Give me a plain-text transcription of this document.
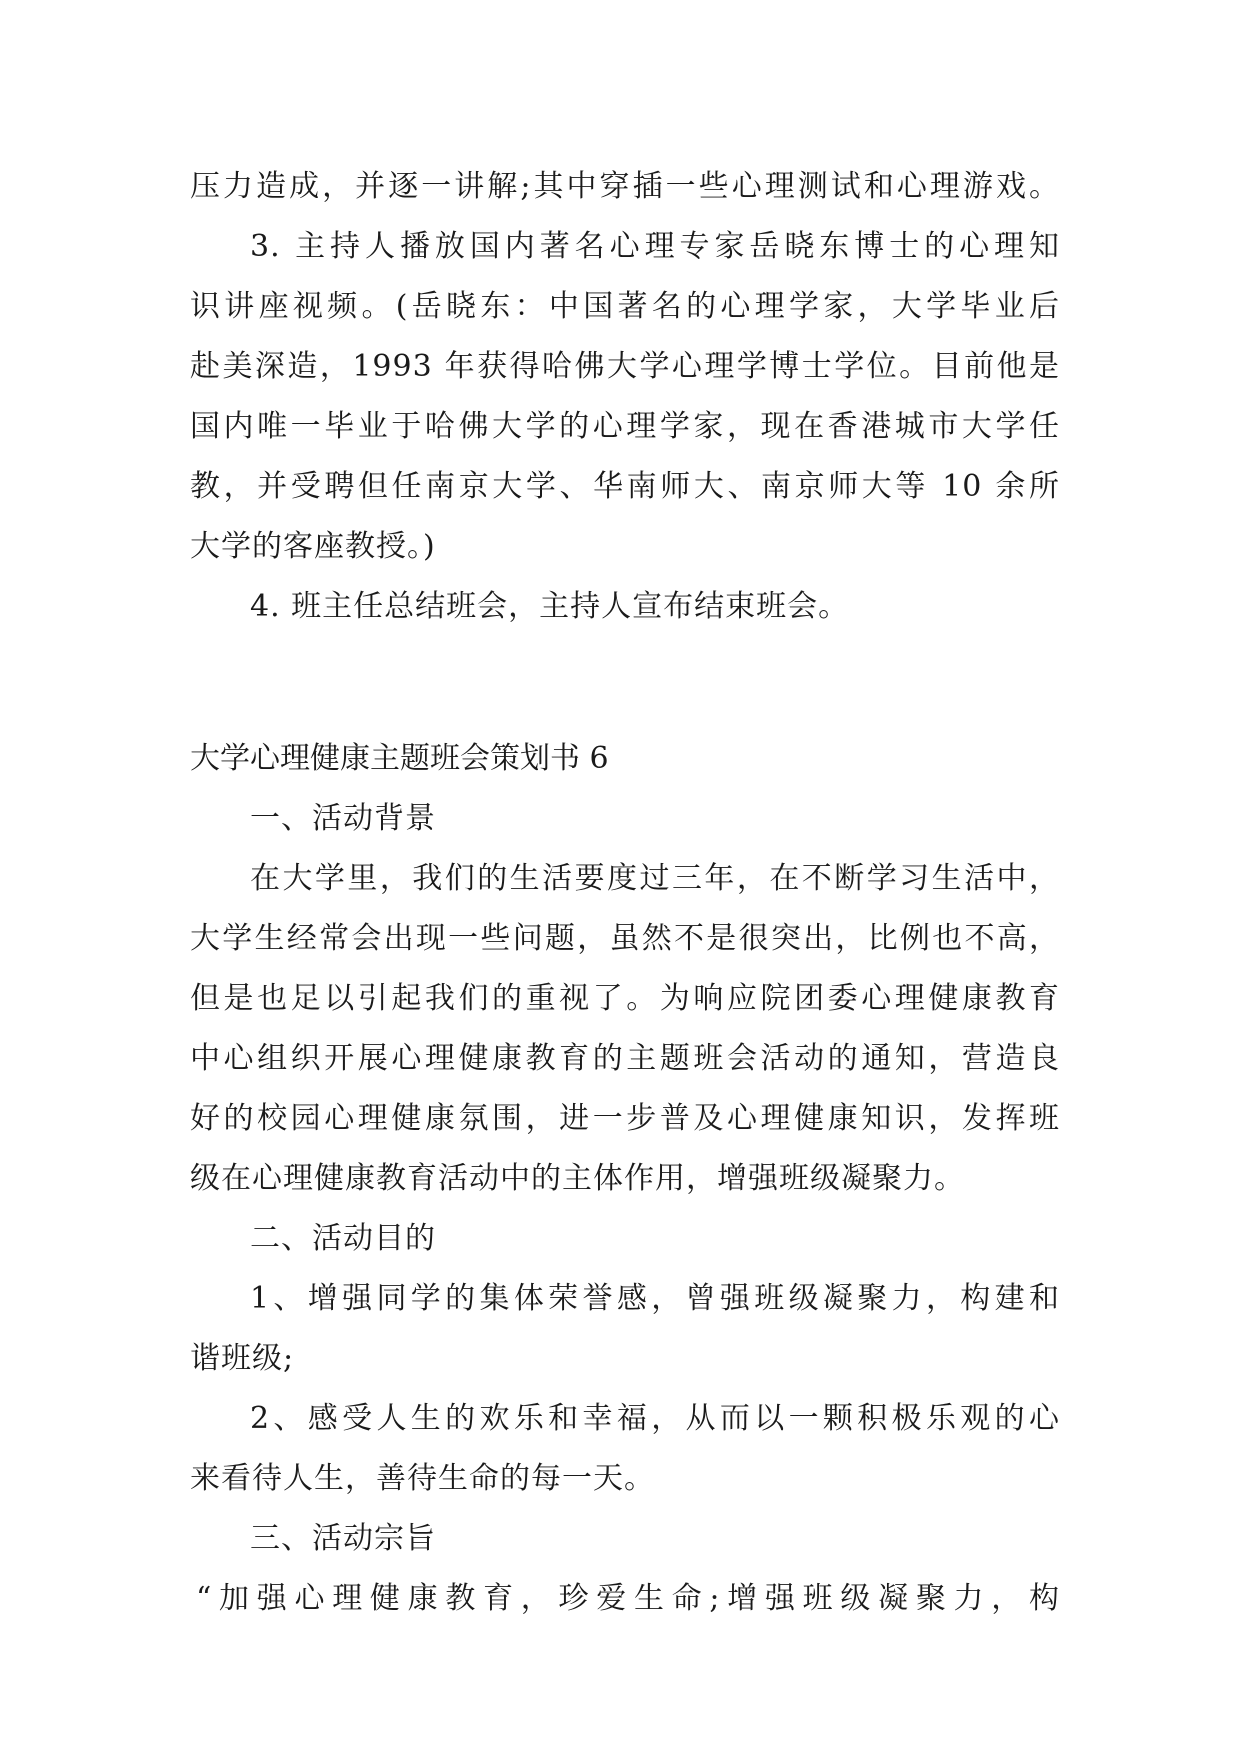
压力造成，并逐一讲解;其中穿插一些心理测试和心理游戏。
3. 主持人播放国内著名心理专家岳晓东博士的心理知
识讲座视频。(岳晓东：中国著名的心理学家，大学毕业后
赴美深造，1993 年获得哈佛大学心理学博士学位。目前他是
国内唯一毕业于哈佛大学的心理学家，现在香港城市大学任
教，并受聘但任南京大学、华南师大、南京师大等 10 余所
大学的客座教授。)
4. 班主任总结班会，主持人宣布结束班会。
大学心理健康主题班会策划书 6
一、活动背景
在大学里，我们的生活要度过三年，在不断学习生活中，
大学生经常会出现一些问题，虽然不是很突出，比例也不高，
但是也足以引起我们的重视了。为响应院团委心理健康教育
中心组织开展心理健康教育的主题班会活动的通知，营造良
好的校园心理健康氛围，进一步普及心理健康知识，发挥班
级在心理健康教育活动中的主体作用，增强班级凝聚力。
二、活动目的
1、增强同学的集体荣誉感，曾强班级凝聚力，构建和
谐班级;
2、感受人生的欢乐和幸福，从而以一颗积极乐观的心
来看待人生，善待生命的每一天。
三、活动宗旨
“加强心理健康教育，珍爱生命;增强班级凝聚力，构
